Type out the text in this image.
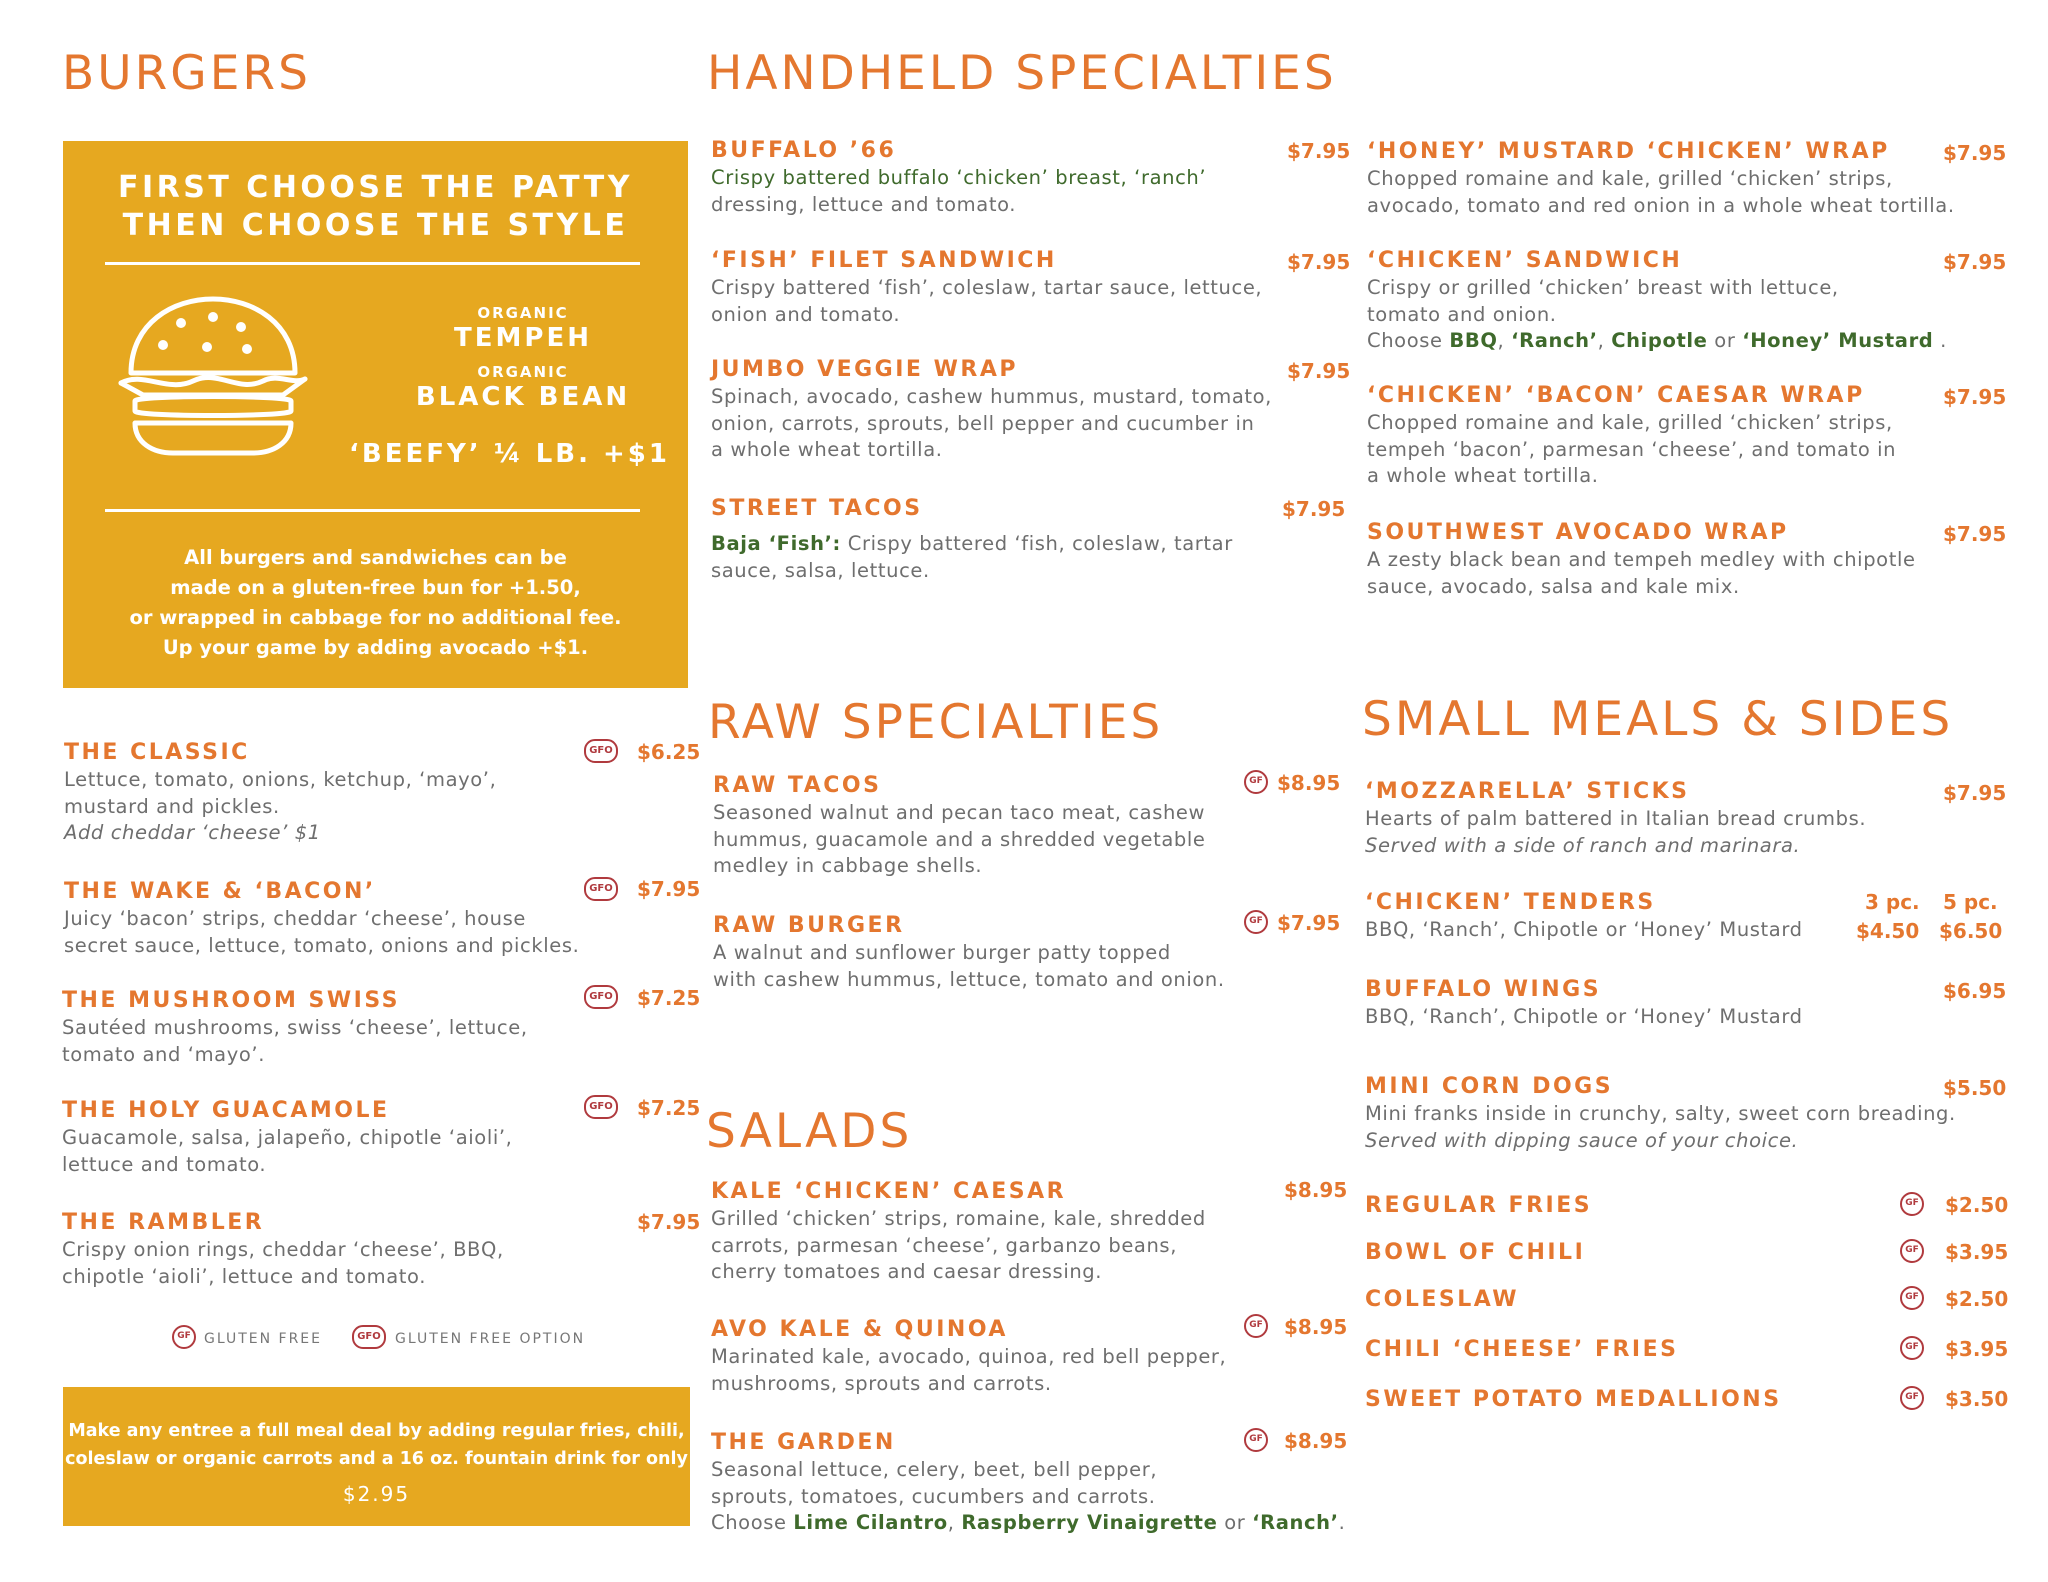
BURGERS	HANDHELD SPECIALTIES
RAW SPECIALTIES
SALADS
SMALL MEALS & SIDES
FIRST CHOOSE THE PATTY
THEN CHOOSE THE STYLE
ORGANIC
TEMPEH
ORGANIC
BLACK BEAN
‘BEEFY’ ¼ LB. +$1
All burgers and sandwiches can be
made on a gluten-free bun for +1.50,
or wrapped in cabbage for no additional fee.
Up your game by adding avocado +$1.
THE CLASSIC
Lettuce, tomato, onions, ketchup, ‘mayo’,
mustard and pickles.
Add cheddar ‘cheese’ $1
GFO $6.25
THE WAKE & ‘BACON’
Juicy ‘bacon’ strips, cheddar ‘cheese’, house
secret sauce, lettuce, tomato, onions and pickles.
GFO $7.95
THE MUSHROOM SWISS
Sautéed mushrooms, swiss ‘cheese’, lettuce,
tomato and ‘mayo’.
GFO $7.25
THE HOLY GUACAMOLE
Guacamole, salsa, jalapeño, chipotle ‘aioli’,
lettuce and tomato.
GFO $7.25
THE RAMBLER
Crispy onion rings, cheddar ‘cheese’, BBQ,
chipotle ‘aioli’, lettuce and tomato.
$7.95
GF GLUTEN FREE	GFO	GLUTEN FREE OPTION
Make any entree a full meal deal by adding regular fries, chili,
coleslaw or organic carrots and a 16 oz. fountain drink for only
$2.95
BUFFALO ’66
Crispy battered buffalo ‘chicken’ breast, ‘ranch’
dressing, lettuce and tomato.
$7.95
‘FISH’ FILET SANDWICH
Crispy battered ‘fish’, coleslaw, tartar sauce, lettuce,
onion and tomato.
$7.95
JUMBO VEGGIE WRAP
Spinach, avocado, cashew hummus, mustard, tomato,
onion, carrots, sprouts, bell pepper and cucumber in
a whole wheat tortilla.
$7.95
STREET TACOS
Baja ‘Fish’: Crispy battered ‘fish, coleslaw, tartar
sauce, salsa, lettuce.
$7.95
‘HONEY’ MUSTARD ‘CHICKEN’ WRAP
Chopped romaine and kale, grilled ‘chicken’ strips,
avocado, tomato and red onion in a whole wheat tortilla.
$7.95
‘CHICKEN’ SANDWICH
Crispy or grilled ‘chicken’ breast with lettuce,
tomato and onion.
Choose BBQ, ‘Ranch’, Chipotle or ‘Honey’ Mustard .
$7.95
‘CHICKEN’ ‘BACON’ CAESAR WRAP
Chopped romaine and kale, grilled ‘chicken’ strips,
tempeh ‘bacon’, parmesan ‘cheese’, and tomato in
a whole wheat tortilla.
$7.95
SOUTHWEST AVOCADO WRAP
A zesty black bean and tempeh medley with chipotle
sauce, avocado, salsa and kale mix.
$7.95
RAW TACOS
Seasoned walnut and pecan taco meat, cashew
hummus, guacamole and a shredded vegetable
medley in cabbage shells.
GF $8.95
RAW BURGER
A walnut and sunflower burger patty topped
with cashew hummus, lettuce, tomato and onion.
GF $7.95
KALE ‘CHICKEN’ CAESAR
Grilled ‘chicken’ strips, romaine, kale, shredded
carrots, parmesan ‘cheese’, garbanzo beans,
cherry tomatoes and caesar dressing.
$8.95
AVO KALE & QUINOA
Marinated kale, avocado, quinoa, red bell pepper,
mushrooms, sprouts and carrots.
GF $8.95
THE GARDEN
Seasonal lettuce, celery, beet, bell pepper,
sprouts, tomatoes, cucumbers and carrots.
Choose Lime Cilantro, Raspberry Vinaigrette or ‘Ranch’.
GF $8.95
‘MOZZARELLA’ STICKS
Hearts of palm battered in Italian bread crumbs.
Served with a side of ranch and marinara.
$7.95
‘CHICKEN’ TENDERS
BBQ, ‘Ranch’, Chipotle or ‘Honey’ Mustard
3 pc. 5 pc.
$4.50 $6.50
BUFFALO WINGS
BBQ, ‘Ranch’, Chipotle or ‘Honey’ Mustard
$6.95
MINI CORN DOGS
Mini franks inside in crunchy, salty, sweet corn breading.
Served with dipping sauce of your choice.
$5.50
REGULAR FRIES	GF $2.50
BOWL OF CHILI	GF $3.95
COLESLAW	GF $2.50
CHILI ‘CHEESE’ FRIES	GF $3.95
SWEET POTATO MEDALLIONS	GF $3.50
